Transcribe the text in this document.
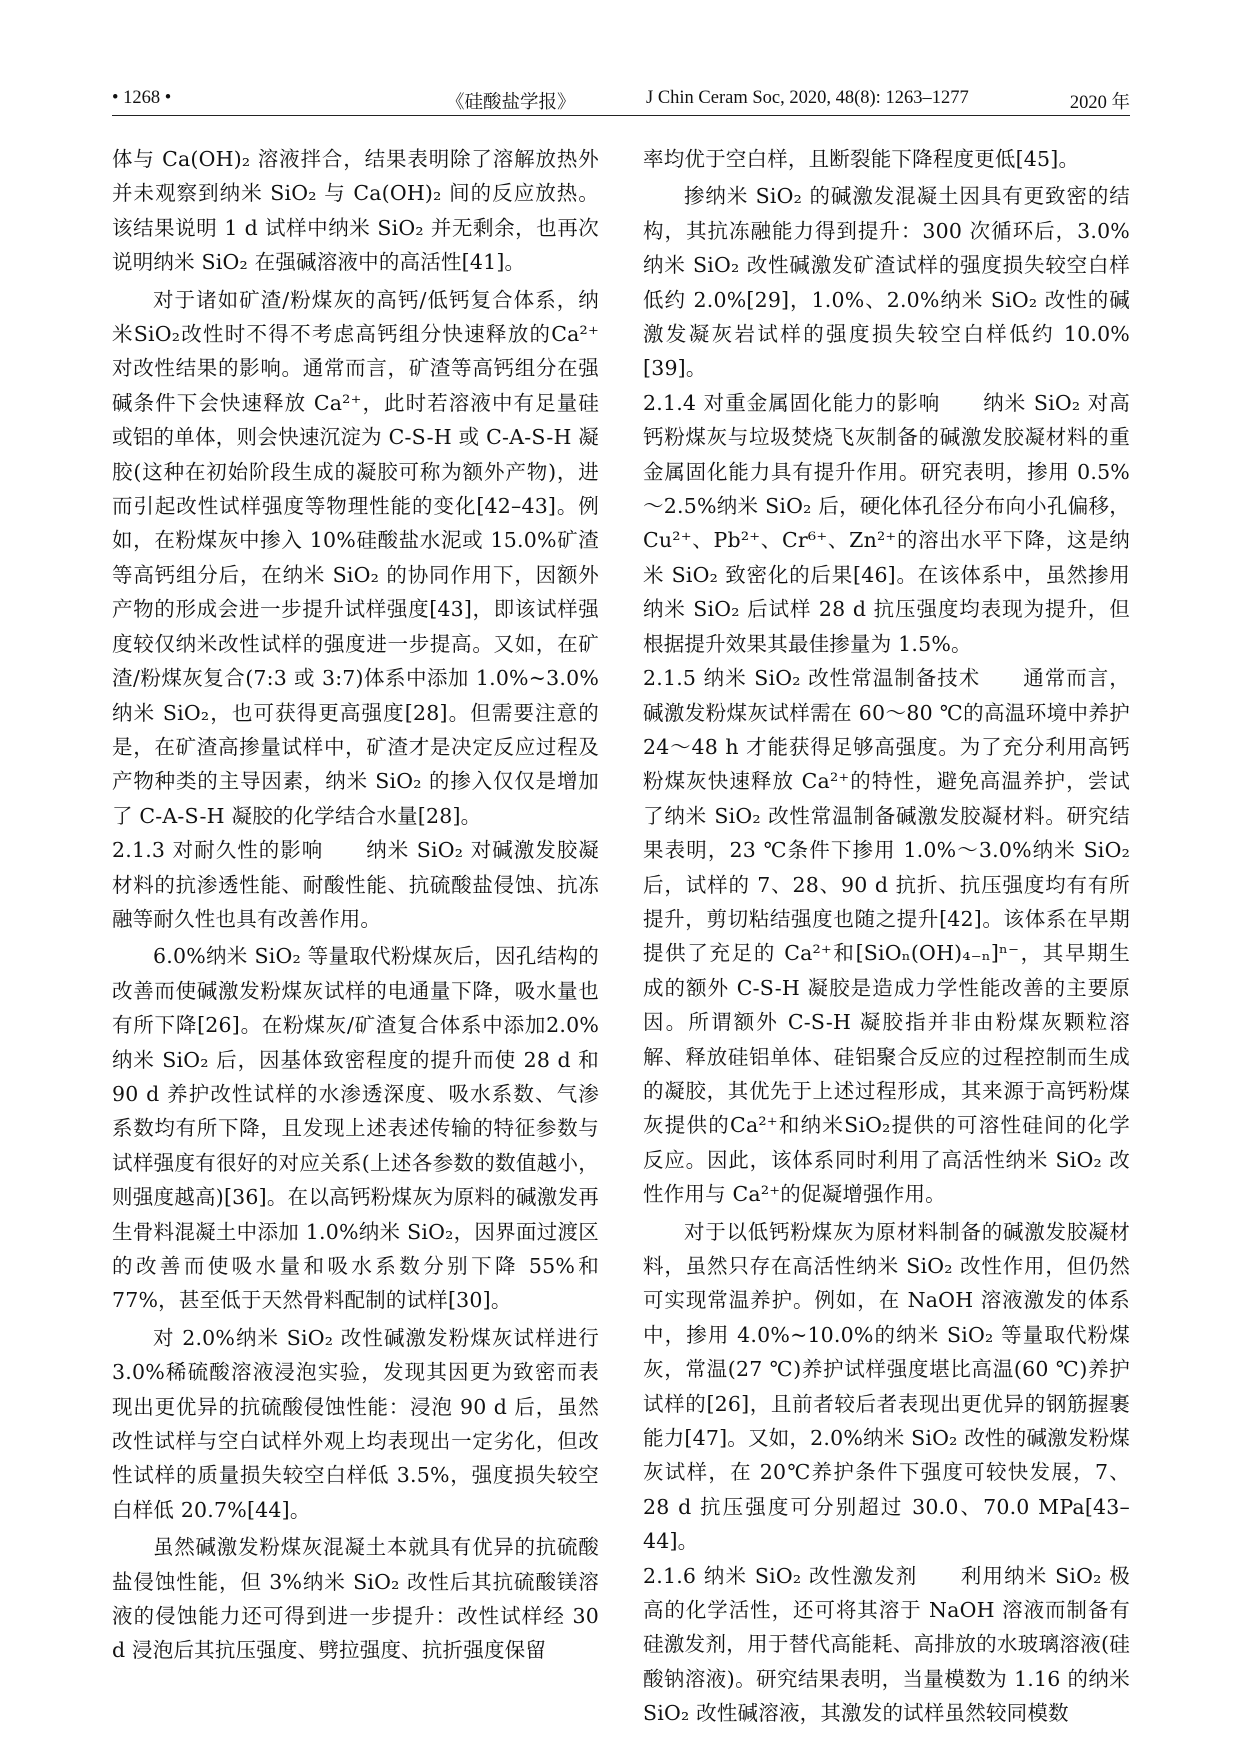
• 1268 •	《硅酸盐学报》	J Chin Ceram Soc, 2020, 48(8): 1263–1277	2020 年

体与 Ca(OH)₂ 溶液拌合，结果表明除了溶解放热外并未观察到纳米 SiO₂ 与 Ca(OH)₂ 间的反应放热。该结果说明 1 d 试样中纳米 SiO₂ 并无剩余，也再次说明纳米 SiO₂ 在强碱溶液中的高活性[41]。

对于诸如矿渣/粉煤灰的高钙/低钙复合体系，纳米SiO₂改性时不得不考虑高钙组分快速释放的Ca²⁺对改性结果的影响。通常而言，矿渣等高钙组分在强碱条件下会快速释放 Ca²⁺，此时若溶液中有足量硅或铝的单体，则会快速沉淀为 C-S-H 或 C-A-S-H 凝胶(这种在初始阶段生成的凝胶可称为额外产物)，进而引起改性试样强度等物理性能的变化[42–43]。例如，在粉煤灰中掺入 10%硅酸盐水泥或 15.0%矿渣等高钙组分后，在纳米 SiO₂ 的协同作用下，因额外产物的形成会进一步提升试样强度[43]，即该试样强度较仅纳米改性试样的强度进一步提高。又如，在矿渣/粉煤灰复合(7:3 或 3:7)体系中添加 1.0%~3.0%纳米 SiO₂，也可获得更高强度[28]。但需要注意的是，在矿渣高掺量试样中，矿渣才是决定反应过程及产物种类的主导因素，纳米 SiO₂ 的掺入仅仅是增加了 C-A-S-H 凝胶的化学结合水量[28]。

2.1.3 对耐久性的影响　　纳米 SiO₂ 对碱激发胶凝材料的抗渗透性能、耐酸性能、抗硫酸盐侵蚀、抗冻融等耐久性也具有改善作用。

6.0%纳米 SiO₂ 等量取代粉煤灰后，因孔结构的改善而使碱激发粉煤灰试样的电通量下降，吸水量也有所下降[26]。在粉煤灰/矿渣复合体系中添加2.0%纳米 SiO₂ 后，因基体致密程度的提升而使 28 d 和 90 d 养护改性试样的水渗透深度、吸水系数、气渗系数均有所下降，且发现上述表述传输的特征参数与试样强度有很好的对应关系(上述各参数的数值越小，则强度越高)[36]。在以高钙粉煤灰为原料的碱激发再生骨料混凝土中添加 1.0%纳米 SiO₂，因界面过渡区的改善而使吸水量和吸水系数分别下降 55%和 77%，甚至低于天然骨料配制的试样[30]。

对 2.0%纳米 SiO₂ 改性碱激发粉煤灰试样进行 3.0%稀硫酸溶液浸泡实验，发现其因更为致密而表现出更优异的抗硫酸侵蚀性能：浸泡 90 d 后，虽然改性试样与空白试样外观上均表现出一定劣化，但改性试样的质量损失较空白样低 3.5%，强度损失较空白样低 20.7%[44]。

虽然碱激发粉煤灰混凝土本就具有优异的抗硫酸盐侵蚀性能，但 3%纳米 SiO₂ 改性后其抗硫酸镁溶液的侵蚀能力还可得到进一步提升：改性试样经 30 d 浸泡后其抗压强度、劈拉强度、抗折强度保留

率均优于空白样，且断裂能下降程度更低[45]。

掺纳米 SiO₂ 的碱激发混凝土因具有更致密的结构，其抗冻融能力得到提升：300 次循环后，3.0%纳米 SiO₂ 改性碱激发矿渣试样的强度损失较空白样低约 2.0%[29]，1.0%、2.0%纳米 SiO₂ 改性的碱激发凝灰岩试样的强度损失较空白样低约 10.0%[39]。

2.1.4 对重金属固化能力的影响　　纳米 SiO₂ 对高钙粉煤灰与垃圾焚烧飞灰制备的碱激发胶凝材料的重金属固化能力具有提升作用。研究表明，掺用 0.5%～2.5%纳米 SiO₂ 后，硬化体孔径分布向小孔偏移，Cu²⁺、Pb²⁺、Cr⁶⁺、Zn²⁺的溶出水平下降，这是纳米 SiO₂ 致密化的后果[46]。在该体系中，虽然掺用纳米 SiO₂ 后试样 28 d 抗压强度均表现为提升，但根据提升效果其最佳掺量为 1.5%。

2.1.5 纳米 SiO₂ 改性常温制备技术　　通常而言，碱激发粉煤灰试样需在 60～80 ℃的高温环境中养护 24～48 h 才能获得足够高强度。为了充分利用高钙粉煤灰快速释放 Ca²⁺的特性，避免高温养护，尝试了纳米 SiO₂ 改性常温制备碱激发胶凝材料。研究结果表明，23 ℃条件下掺用 1.0%～3.0%纳米 SiO₂ 后，试样的 7、28、90 d 抗折、抗压强度均有有所提升，剪切粘结强度也随之提升[42]。该体系在早期提供了充足的 Ca²⁺和[SiOₙ(OH)₄₋ₙ]ⁿ⁻，其早期生成的额外 C-S-H 凝胶是造成力学性能改善的主要原因。所谓额外 C-S-H 凝胶指并非由粉煤灰颗粒溶解、释放硅铝单体、硅铝聚合反应的过程控制而生成的凝胶，其优先于上述过程形成，其来源于高钙粉煤灰提供的Ca²⁺和纳米SiO₂提供的可溶性硅间的化学反应。因此，该体系同时利用了高活性纳米 SiO₂ 改性作用与 Ca²⁺的促凝增强作用。

对于以低钙粉煤灰为原材料制备的碱激发胶凝材料，虽然只存在高活性纳米 SiO₂ 改性作用，但仍然可实现常温养护。例如，在 NaOH 溶液激发的体系中，掺用 4.0%~10.0%的纳米 SiO₂ 等量取代粉煤灰，常温(27 ℃)养护试样强度堪比高温(60 ℃)养护试样的[26]，且前者较后者表现出更优异的钢筋握裹能力[47]。又如，2.0%纳米 SiO₂ 改性的碱激发粉煤灰试样，在 20℃养护条件下强度可较快发展，7、28 d 抗压强度可分别超过 30.0、70.0 MPa[43–44]。

2.1.6 纳米 SiO₂ 改性激发剂　　利用纳米 SiO₂ 极高的化学活性，还可将其溶于 NaOH 溶液而制备有硅激发剂，用于替代高能耗、高排放的水玻璃溶液(硅酸钠溶液)。研究结果表明，当量模数为 1.16 的纳米 SiO₂ 改性碱溶液，其激发的试样虽然较同模数
